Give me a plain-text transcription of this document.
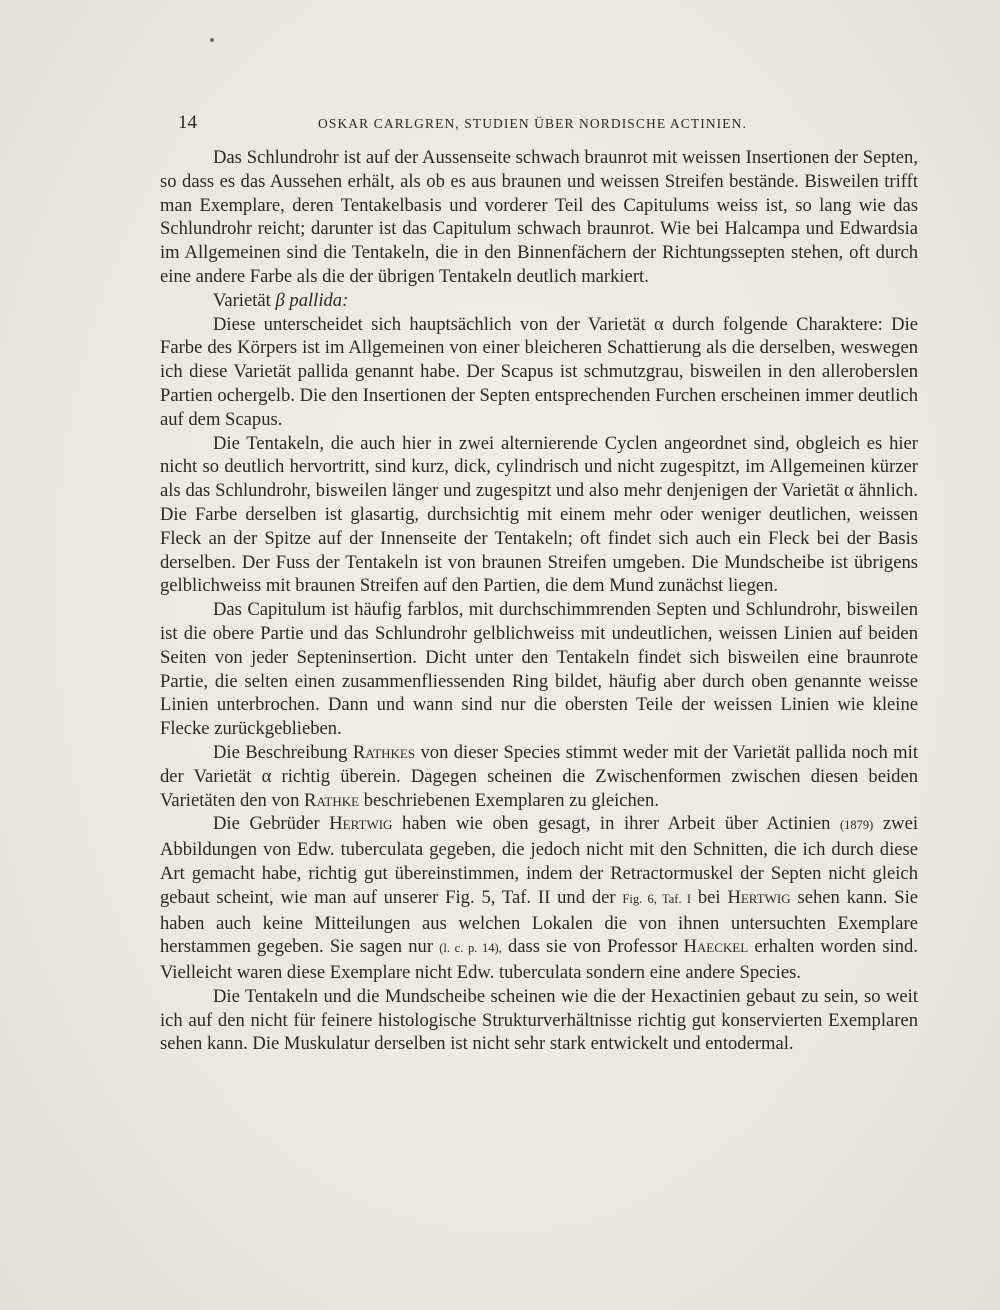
14	OSKAR CARLGREN, STUDIEN ÜBER NORDISCHE ACTINIEN.

Das Schlundrohr ist auf der Aussenseite schwach braunrot mit weissen Insertionen der Septen, so dass es das Aussehen erhält, als ob es aus braunen und weissen Streifen bestände. Bisweilen trifft man Exemplare, deren Tentakelbasis und vorderer Teil des Capitulums weiss ist, so lang wie das Schlundrohr reicht; darunter ist das Capitulum schwach braunrot. Wie bei Halcampa und Edwardsia im Allgemeinen sind die Tentakeln, die in den Binnenfächern der Richtungssepten stehen, oft durch eine andere Farbe als die der übrigen Tentakeln deutlich markiert.

Varietät β pallida:

Diese unterscheidet sich hauptsächlich von der Varietät α durch folgende Charaktere: Die Farbe des Körpers ist im Allgemeinen von einer bleicheren Schattierung als die derselben, weswegen ich diese Varietät pallida genannt habe. Der Scapus ist schmutzgrau, bisweilen in den alleroberslen Partien ochergelb. Die den Insertionen der Septen entsprechenden Furchen erscheinen immer deutlich auf dem Scapus.

Die Tentakeln, die auch hier in zwei alternierende Cyclen angeordnet sind, obgleich es hier nicht so deutlich hervortritt, sind kurz, dick, cylindrisch und nicht zugespitzt, im Allgemeinen kürzer als das Schlundrohr, bisweilen länger und zugespitzt und also mehr denjenigen der Varietät α ähnlich. Die Farbe derselben ist glasartig, durchsichtig mit einem mehr oder weniger deutlichen, weissen Fleck an der Spitze auf der Innenseite der Tentakeln; oft findet sich auch ein Fleck bei der Basis derselben. Der Fuss der Tentakeln ist von braunen Streifen umgeben. Die Mundscheibe ist übrigens gelblichweiss mit braunen Streifen auf den Partien, die dem Mund zunächst liegen.

Das Capitulum ist häufig farblos, mit durchschimmrenden Septen und Schlundrohr, bisweilen ist die obere Partie und das Schlundrohr gelblichweiss mit undeutlichen, weissen Linien auf beiden Seiten von jeder Septeninsertion. Dicht unter den Tentakeln findet sich bisweilen eine braunrote Partie, die selten einen zusammenfliessenden Ring bildet, häufig aber durch oben genannte weisse Linien unterbrochen. Dann und wann sind nur die obersten Teile der weissen Linien wie kleine Flecke zurückgeblieben.

Die Beschreibung Rathkes von dieser Species stimmt weder mit der Varietät pallida noch mit der Varietät α richtig überein. Dagegen scheinen die Zwischenformen zwischen diesen beiden Varietäten den von Rathke beschriebenen Exemplaren zu gleichen.

Die Gebrüder Hertwig haben wie oben gesagt, in ihrer Arbeit über Actinien (1879) zwei Abbildungen von Edw. tuberculata gegeben, die jedoch nicht mit den Schnitten, die ich durch diese Art gemacht habe, richtig gut übereinstimmen, indem der Retractormuskel der Septen nicht gleich gebaut scheint, wie man auf unserer Fig. 5, Taf. II und der Fig. 6, Taf. I bei Hertwig sehen kann. Sie haben auch keine Mitteilungen aus welchen Lokalen die von ihnen untersuchten Exemplare herstammen gegeben. Sie sagen nur (l. c. p. 14), dass sie von Professor Haeckel erhalten worden sind. Vielleicht waren diese Exemplare nicht Edw. tuberculata sondern eine andere Species.

Die Tentakeln und die Mundscheibe scheinen wie die der Hexactinien gebaut zu sein, so weit ich auf den nicht für feinere histologische Strukturverhältnisse richtig gut konservierten Exemplaren sehen kann. Die Muskulatur derselben ist nicht sehr stark entwickelt und entodermal.
